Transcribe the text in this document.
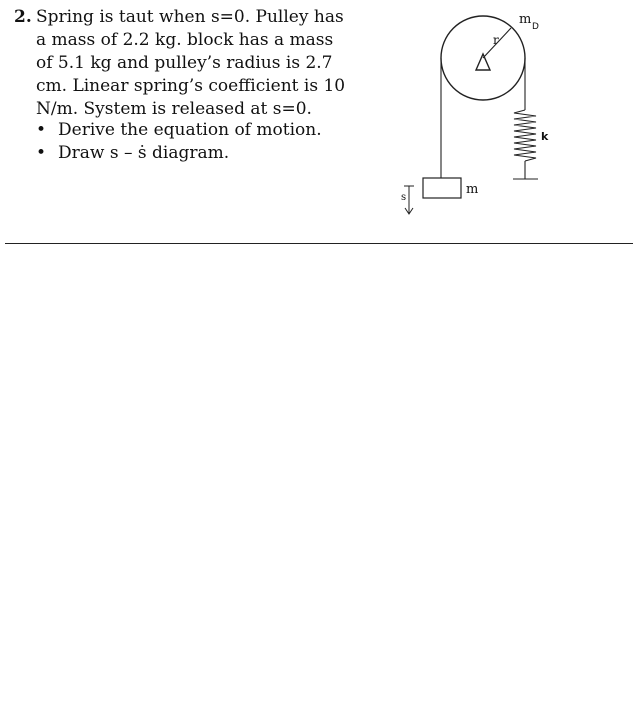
2. Spring is taut when s=0. Pulley has
a mass of 2.2 kg. block has a mass
of 5.1 kg and pulley’s radius is 2.7
cm. Linear spring’s coefficient is 10
N/m. System is released at s=0.
• Derive the equation of motion.
• Draw s – ṡ diagram.
m D
r
k
m
s
